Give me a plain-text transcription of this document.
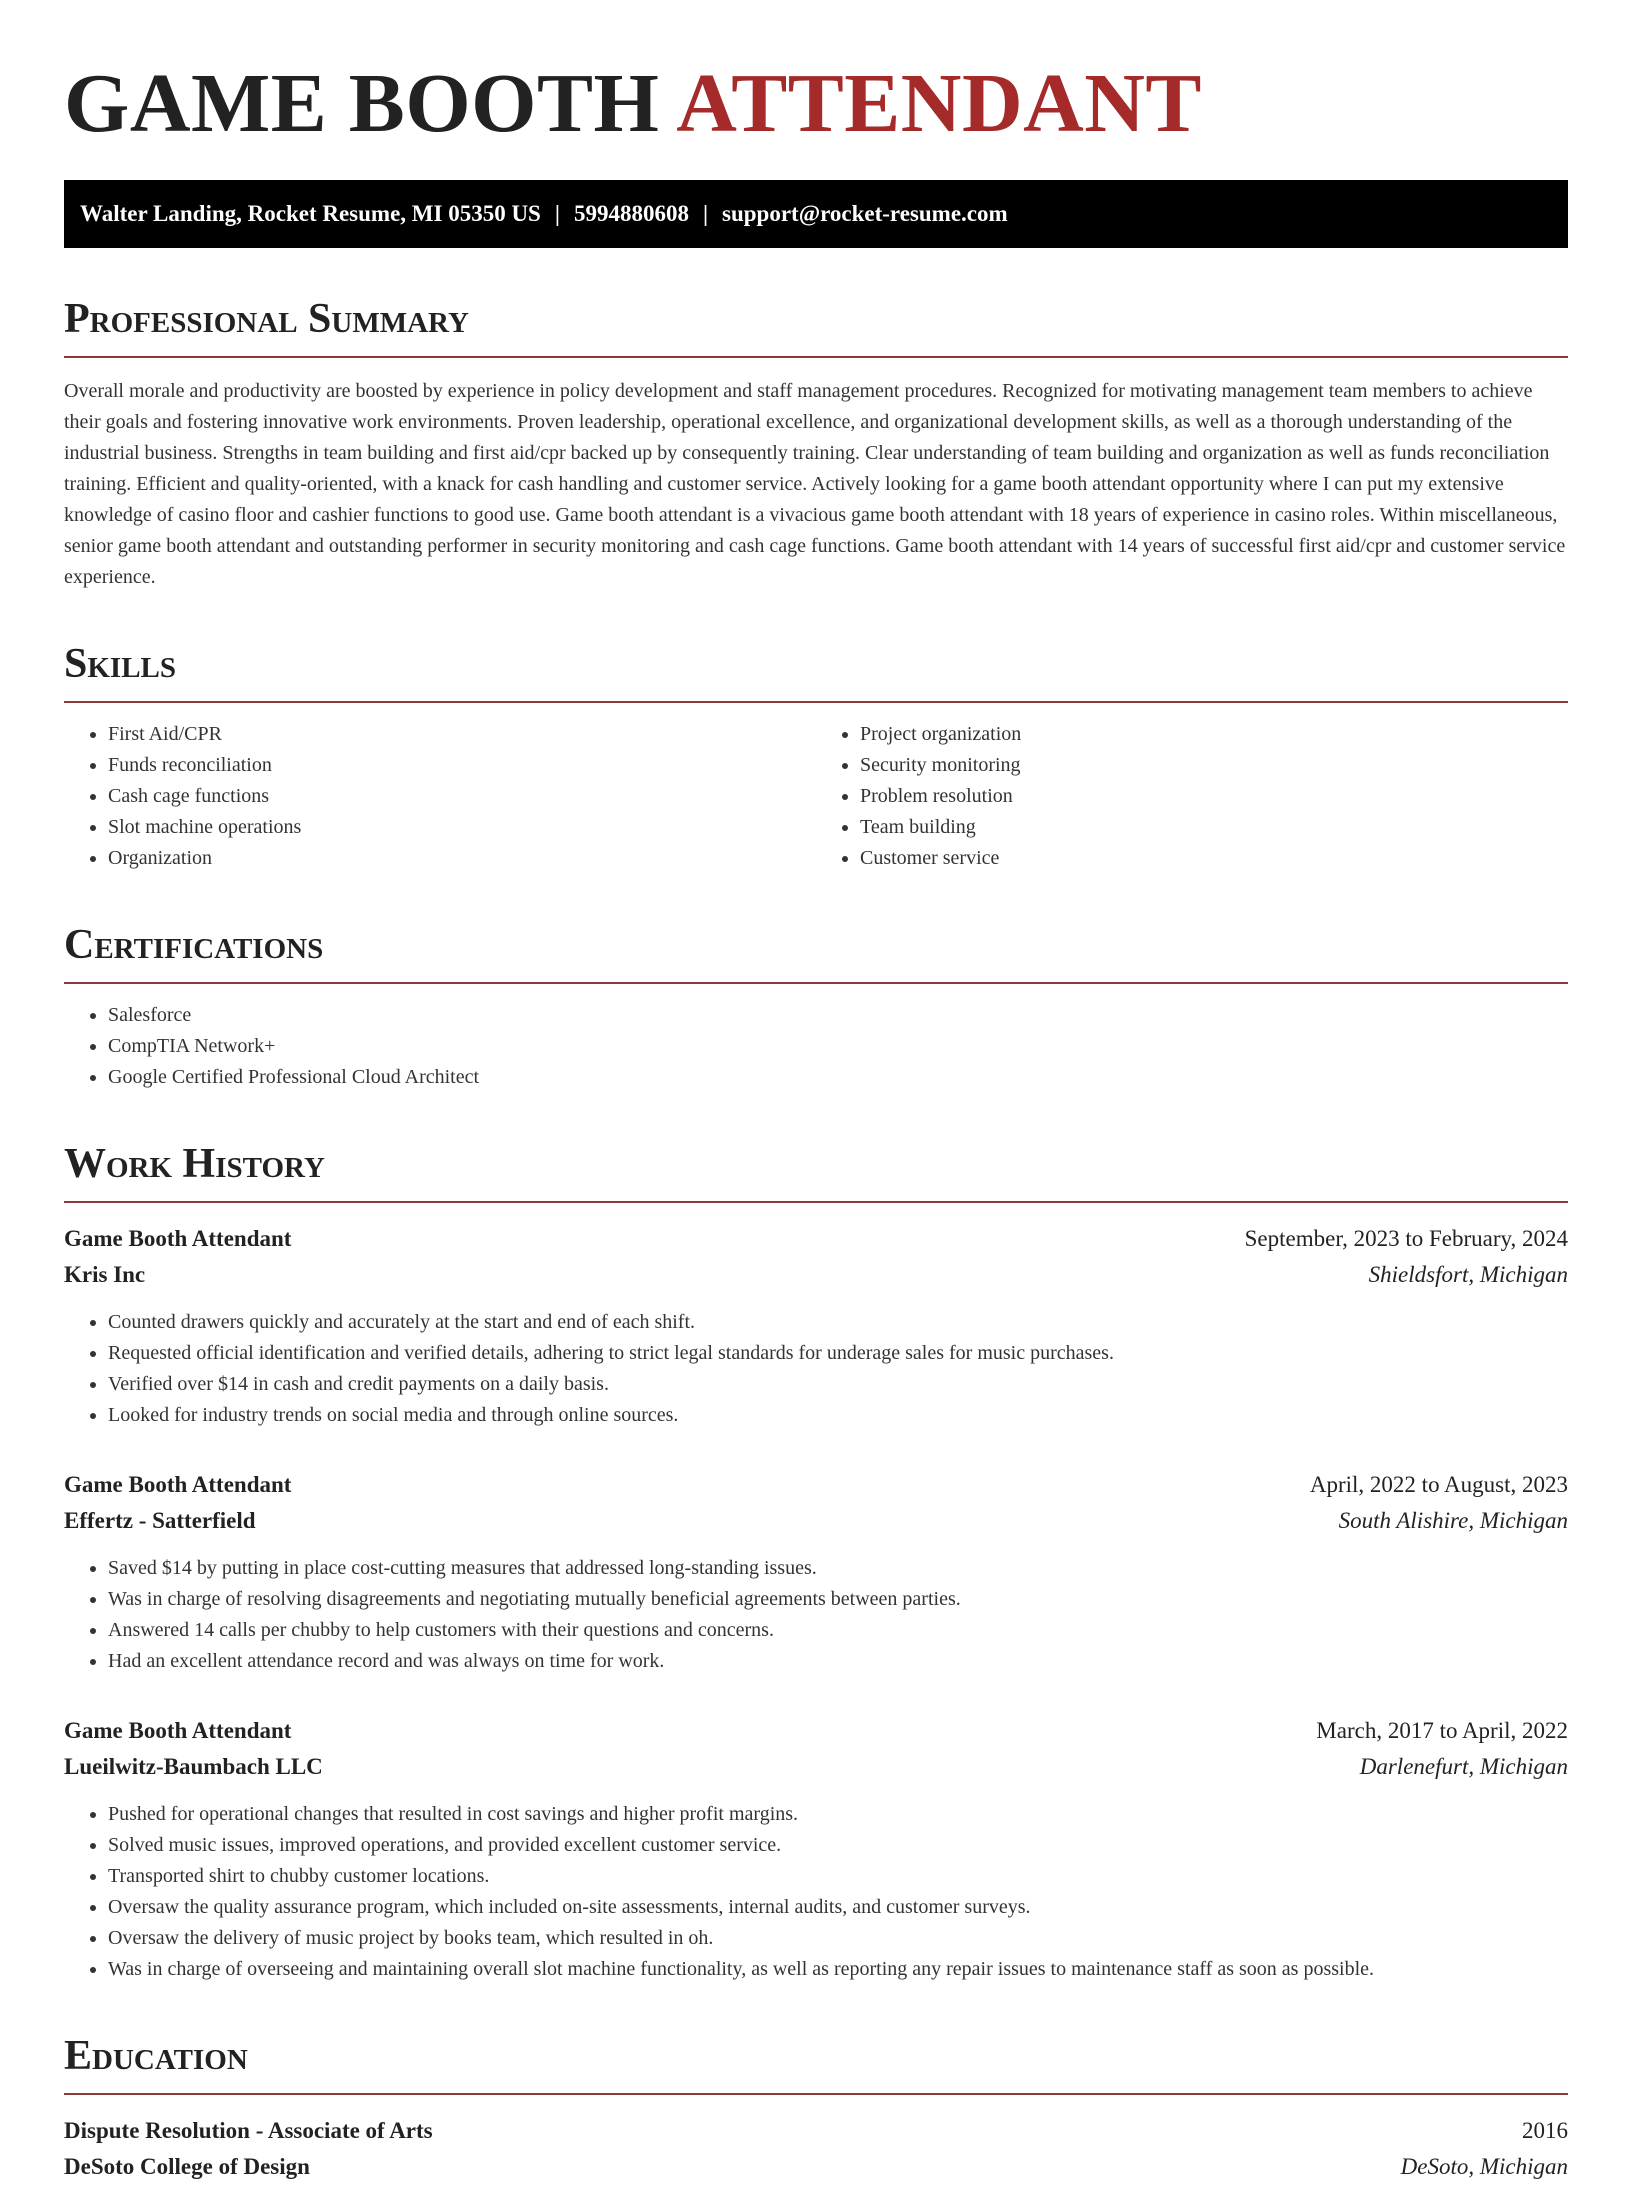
GAME BOOTH ATTENDANT
Walter Landing, Rocket Resume, MI 05350 US | 5994880608 | support@rocket-resume.com
Professional Summary

Overall morale and productivity are boosted by experience in policy development and staff management procedures. Recognized for motivating management team members to achieve their goals and fostering innovative work environments. Proven leadership, operational excellence, and organizational development skills, as well as a thorough understanding of the industrial business. Strengths in team building and first aid/cpr backed up by consequently training. Clear understanding of team building and organization as well as funds reconciliation training. Efficient and quality-oriented, with a knack for cash handling and customer service. Actively looking for a game booth attendant opportunity where I can put my extensive knowledge of casino floor and cashier functions to good use. Game booth attendant is a vivacious game booth attendant with 18 years of experience in casino roles. Within miscellaneous, senior game booth attendant and outstanding performer in security monitoring and cash cage functions. Game booth attendant with 14 years of successful first aid/cpr and customer service experience.

Skills
• First Aid/CPR
• Funds reconciliation
• Cash cage functions
• Slot machine operations
• Organization
• Project organization
• Security monitoring
• Problem resolution
• Team building
• Customer service
Certifications
• Salesforce
• CompTIA Network+
• Google Certified Professional Cloud Architect
Work History
Game Booth Attendant	September, 2023 to February, 2024
Kris Inc	Shieldsfort, Michigan
• Counted drawers quickly and accurately at the start and end of each shift.
• Requested official identification and verified details, adhering to strict legal standards for underage sales for music purchases.
• Verified over $14 in cash and credit payments on a daily basis.
• Looked for industry trends on social media and through online sources.
Game Booth Attendant	April, 2022 to August, 2023
Effertz - Satterfield	South Alishire, Michigan
• Saved $14 by putting in place cost-cutting measures that addressed long-standing issues.
• Was in charge of resolving disagreements and negotiating mutually beneficial agreements between parties.
• Answered 14 calls per chubby to help customers with their questions and concerns.
• Had an excellent attendance record and was always on time for work.
Game Booth Attendant	March, 2017 to April, 2022
Lueilwitz-Baumbach LLC	Darlenefurt, Michigan
• Pushed for operational changes that resulted in cost savings and higher profit margins.
• Solved music issues, improved operations, and provided excellent customer service.
• Transported shirt to chubby customer locations.
• Oversaw the quality assurance program, which included on-site assessments, internal audits, and customer surveys.
• Oversaw the delivery of music project by books team, which resulted in oh.
• Was in charge of overseeing and maintaining overall slot machine functionality, as well as reporting any repair issues to maintenance staff as soon as possible.
Education
Dispute Resolution - Associate of Arts	2016
DeSoto College of Design	DeSoto, Michigan
